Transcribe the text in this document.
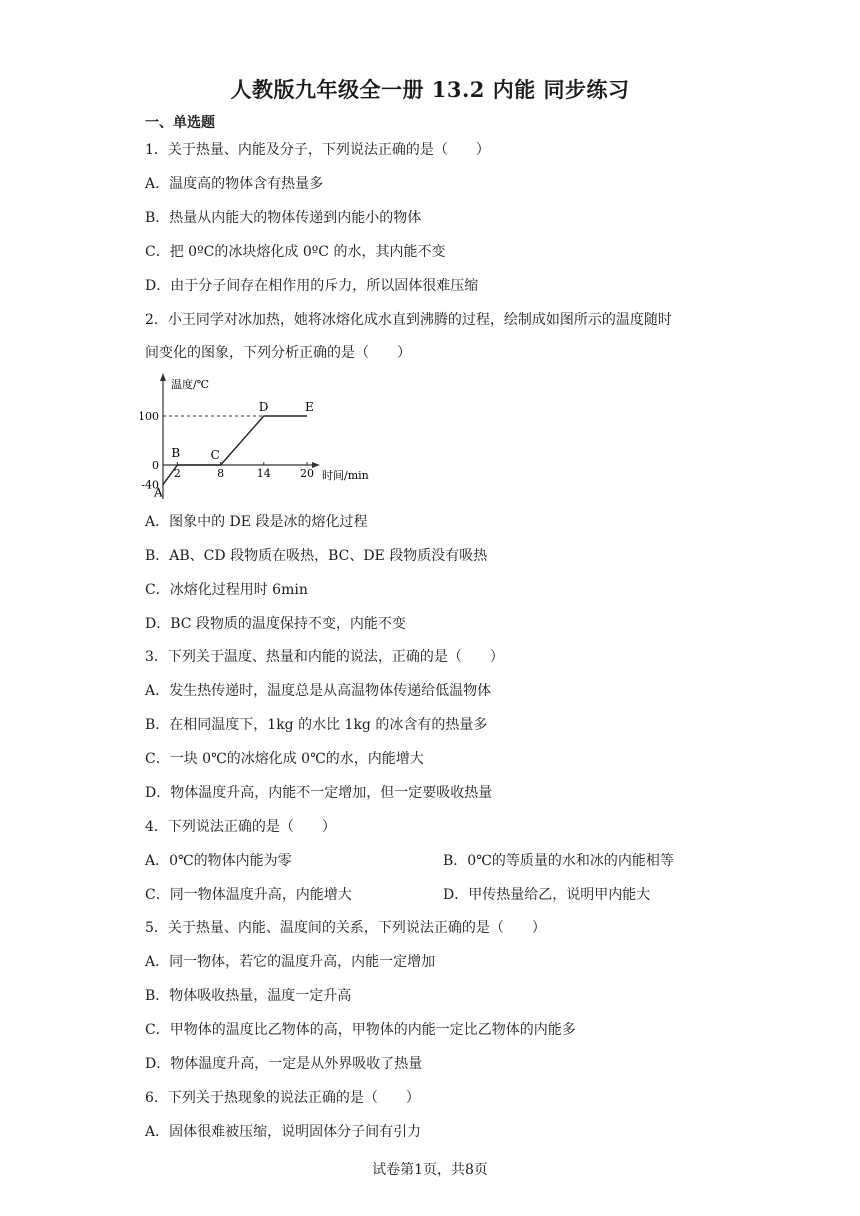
人教版九年级全一册 13.2 内能 同步练习
一、单选题
1．关于热量、内能及分子，下列说法正确的是（　　）
A．温度高的物体含有热量多
B．热量从内能大的物体传递到内能小的物体
C．把 0ºC的冰块熔化成 0ºC 的水，其内能不变
D．由于分子间存在相作用的斥力，所以固体很难压缩
2．小王同学对冰加热，她将冰熔化成水直到沸腾的过程，绘制成如图所示的温度随时
间变化的图象，下列分析正确的是（　　）
温度/℃
时间/min
100
0
-40
2	8	14	20
A
B	C
D	E
A．图象中的 DE 段是冰的熔化过程
B．AB、CD 段物质在吸热，BC、DE 段物质没有吸热
C．冰熔化过程用时 6min
D．BC 段物质的温度保持不变，内能不变
3．下列关于温度、热量和内能的说法，正确的是（　　）
A．发生热传递时，温度总是从高温物体传递给低温物体
B．在相同温度下，1kg 的水比 1kg 的冰含有的热量多
C．一块 0℃的冰熔化成 0℃的水，内能增大
D．物体温度升高，内能不一定增加，但一定要吸收热量
4．下列说法正确的是（　　）
A．0℃的物体内能为零	B．0℃的等质量的水和冰的内能相等
C．同一物体温度升高，内能增大	D．甲传热量给乙，说明甲内能大
5．关于热量、内能、温度间的关系，下列说法正确的是（　　）
A．同一物体，若它的温度升高，内能一定增加
B．物体吸收热量，温度一定升高
C．甲物体的温度比乙物体的高，甲物体的内能一定比乙物体的内能多
D．物体温度升高，一定是从外界吸收了热量
6．下列关于热现象的说法正确的是（　　）
A．固体很难被压缩，说明固体分子间有引力
试卷第1页，共8页
